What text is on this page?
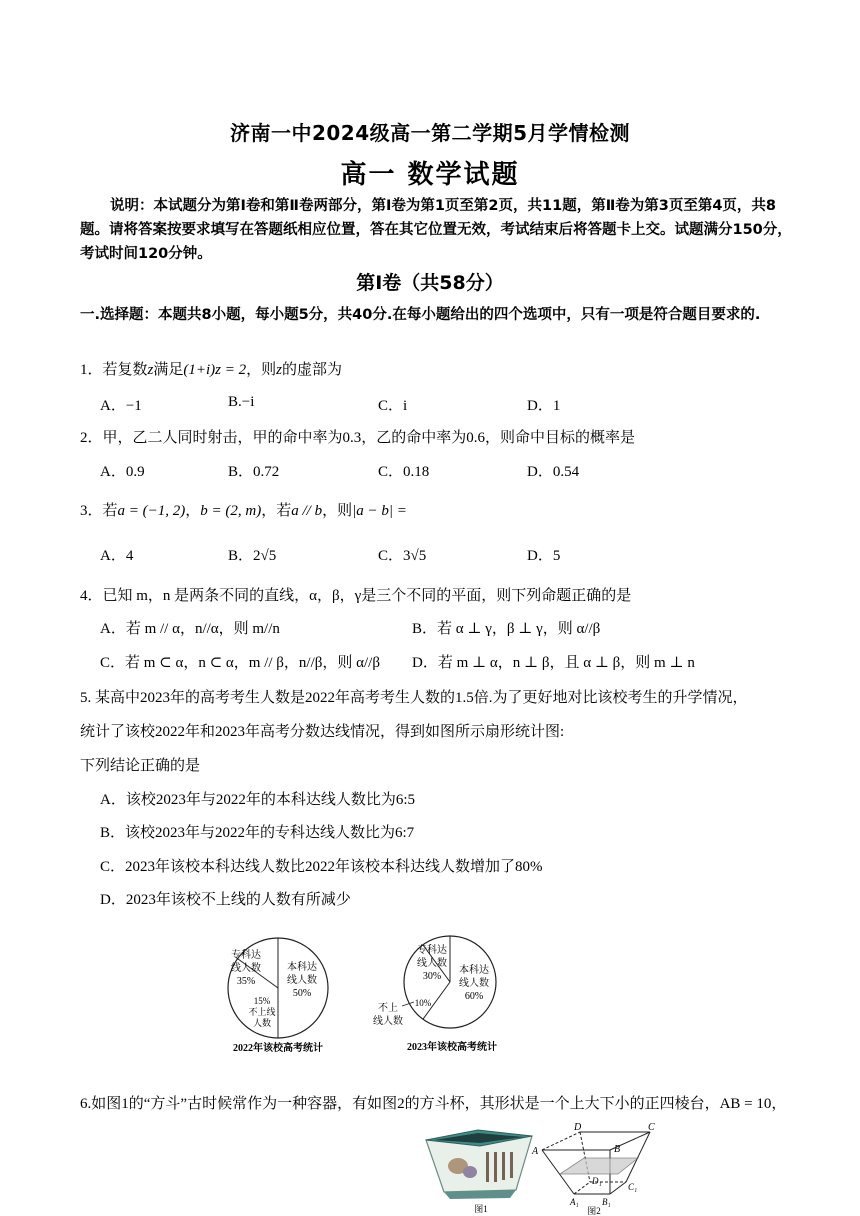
济南一中2024级高一第二学期5月学情检测
高一 数学试题
说明：本试题分为第Ⅰ卷和第Ⅱ卷两部分，第Ⅰ卷为第1页至第2页，共11题，第Ⅱ卷为第3页至第4页，共8题。请将答案按要求填写在答题纸相应位置，答在其它位置无效，考试结束后将答题卡上交。试题满分150分，考试时间120分钟。
第Ⅰ卷（共58分）
一.选择题：本题共8小题，每小题5分，共40分.在每小题给出的四个选项中，只有一项是符合题目要求的.
1．若复数z满足(1+i)z = 2，则z的虚部为
A．−1	B.−i	C．i	D．1
2．甲，乙二人同时射击，甲的命中率为0.3，乙的命中率为0.6，则命中目标的概率是
A．0.9	B．0.72	C．0.18	D．0.54
3．若a = (−1, 2)，b = (2, m)，若a // b，则|a − b| =
A．4	B．2√5	C．3√5	D．5
4．已知 m，n 是两条不同的直线，α，β，γ是三个不同的平面，则下列命题正确的是
A．若 m // α，n//α，则 m//n	B．若 α ⊥ γ，β ⊥ γ，则 α//β
C．若 m ⊂ α，n ⊂ α，m // β，n//β，则 α//β D．若 m ⊥ α，n ⊥ β，且 α ⊥ β，则 m ⊥ n
5. 某高中2023年的高考考生人数是2022年高考考生人数的1.5倍.为了更好地对比该校考生的升学情况，
统计了该校2022年和2023年高考分数达线情况，得到如图所示扇形统计图:
下列结论正确的是
A．该校2023年与2022年的本科达线人数比为6:5
B．该校2023年与2022年的专科达线人数比为6:7
C．2023年该校本科达线人数比2022年该校本科达线人数增加了80%
D．2023年该校不上线的人数有所减少
本科达
线人数
50%
专科达
线人数
35%
15%
不上线
人数
2022年该校高考统计
本科达
线人数
60%
专科达
线人数
30%
10%
不上
线人数
2023年该校高考统计
6.如图1的“方斗”古时候常作为一种容器，有如图2的方斗杯，其形状是一个上大下小的正四棱台，AB = 10，
图1
D	C
A	B
D₁
C₁
A₁	B₁
图2
